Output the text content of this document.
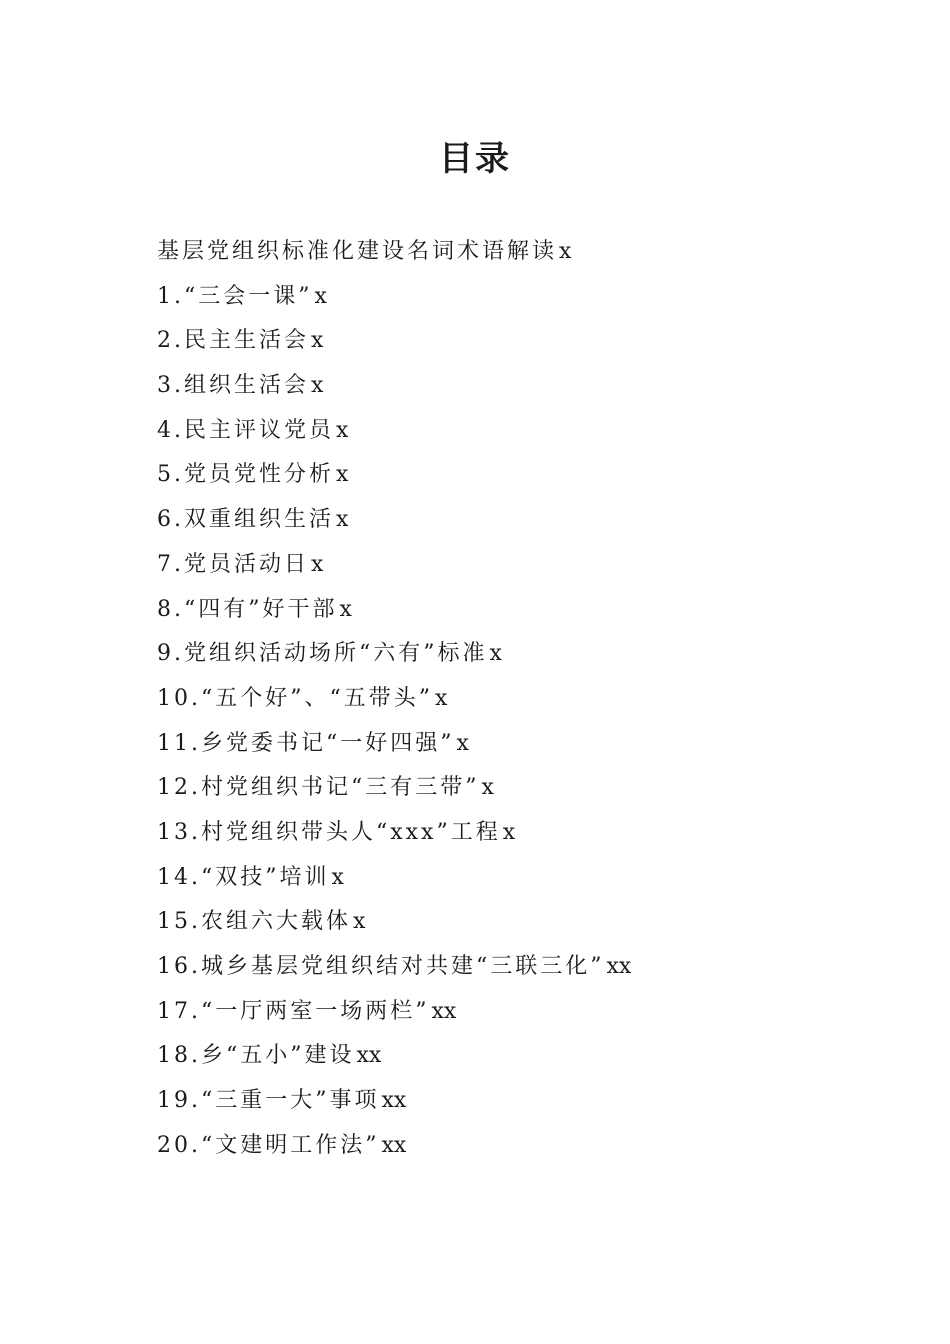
目录
基层党组织标准化建设名词术语解读x
1.“三会一课”x
2.民主生活会x
3.组织生活会x
4.民主评议党员x
5.党员党性分析x
6.双重组织生活x
7.党员活动日x
8.“四有”好干部x
9.党组织活动场所“六有”标准x
10.“五个好”、“五带头”x
11.乡党委书记“一好四强”x
12.村党组织书记“三有三带”x
13.村党组织带头人“xxx”工程x
14.“双技”培训x
15.农组六大载体x
16.城乡基层党组织结对共建“三联三化”xx
17.“一厅两室一场两栏”xx
18.乡“五小”建设xx
19.“三重一大”事项xx
20.“文建明工作法”xx
